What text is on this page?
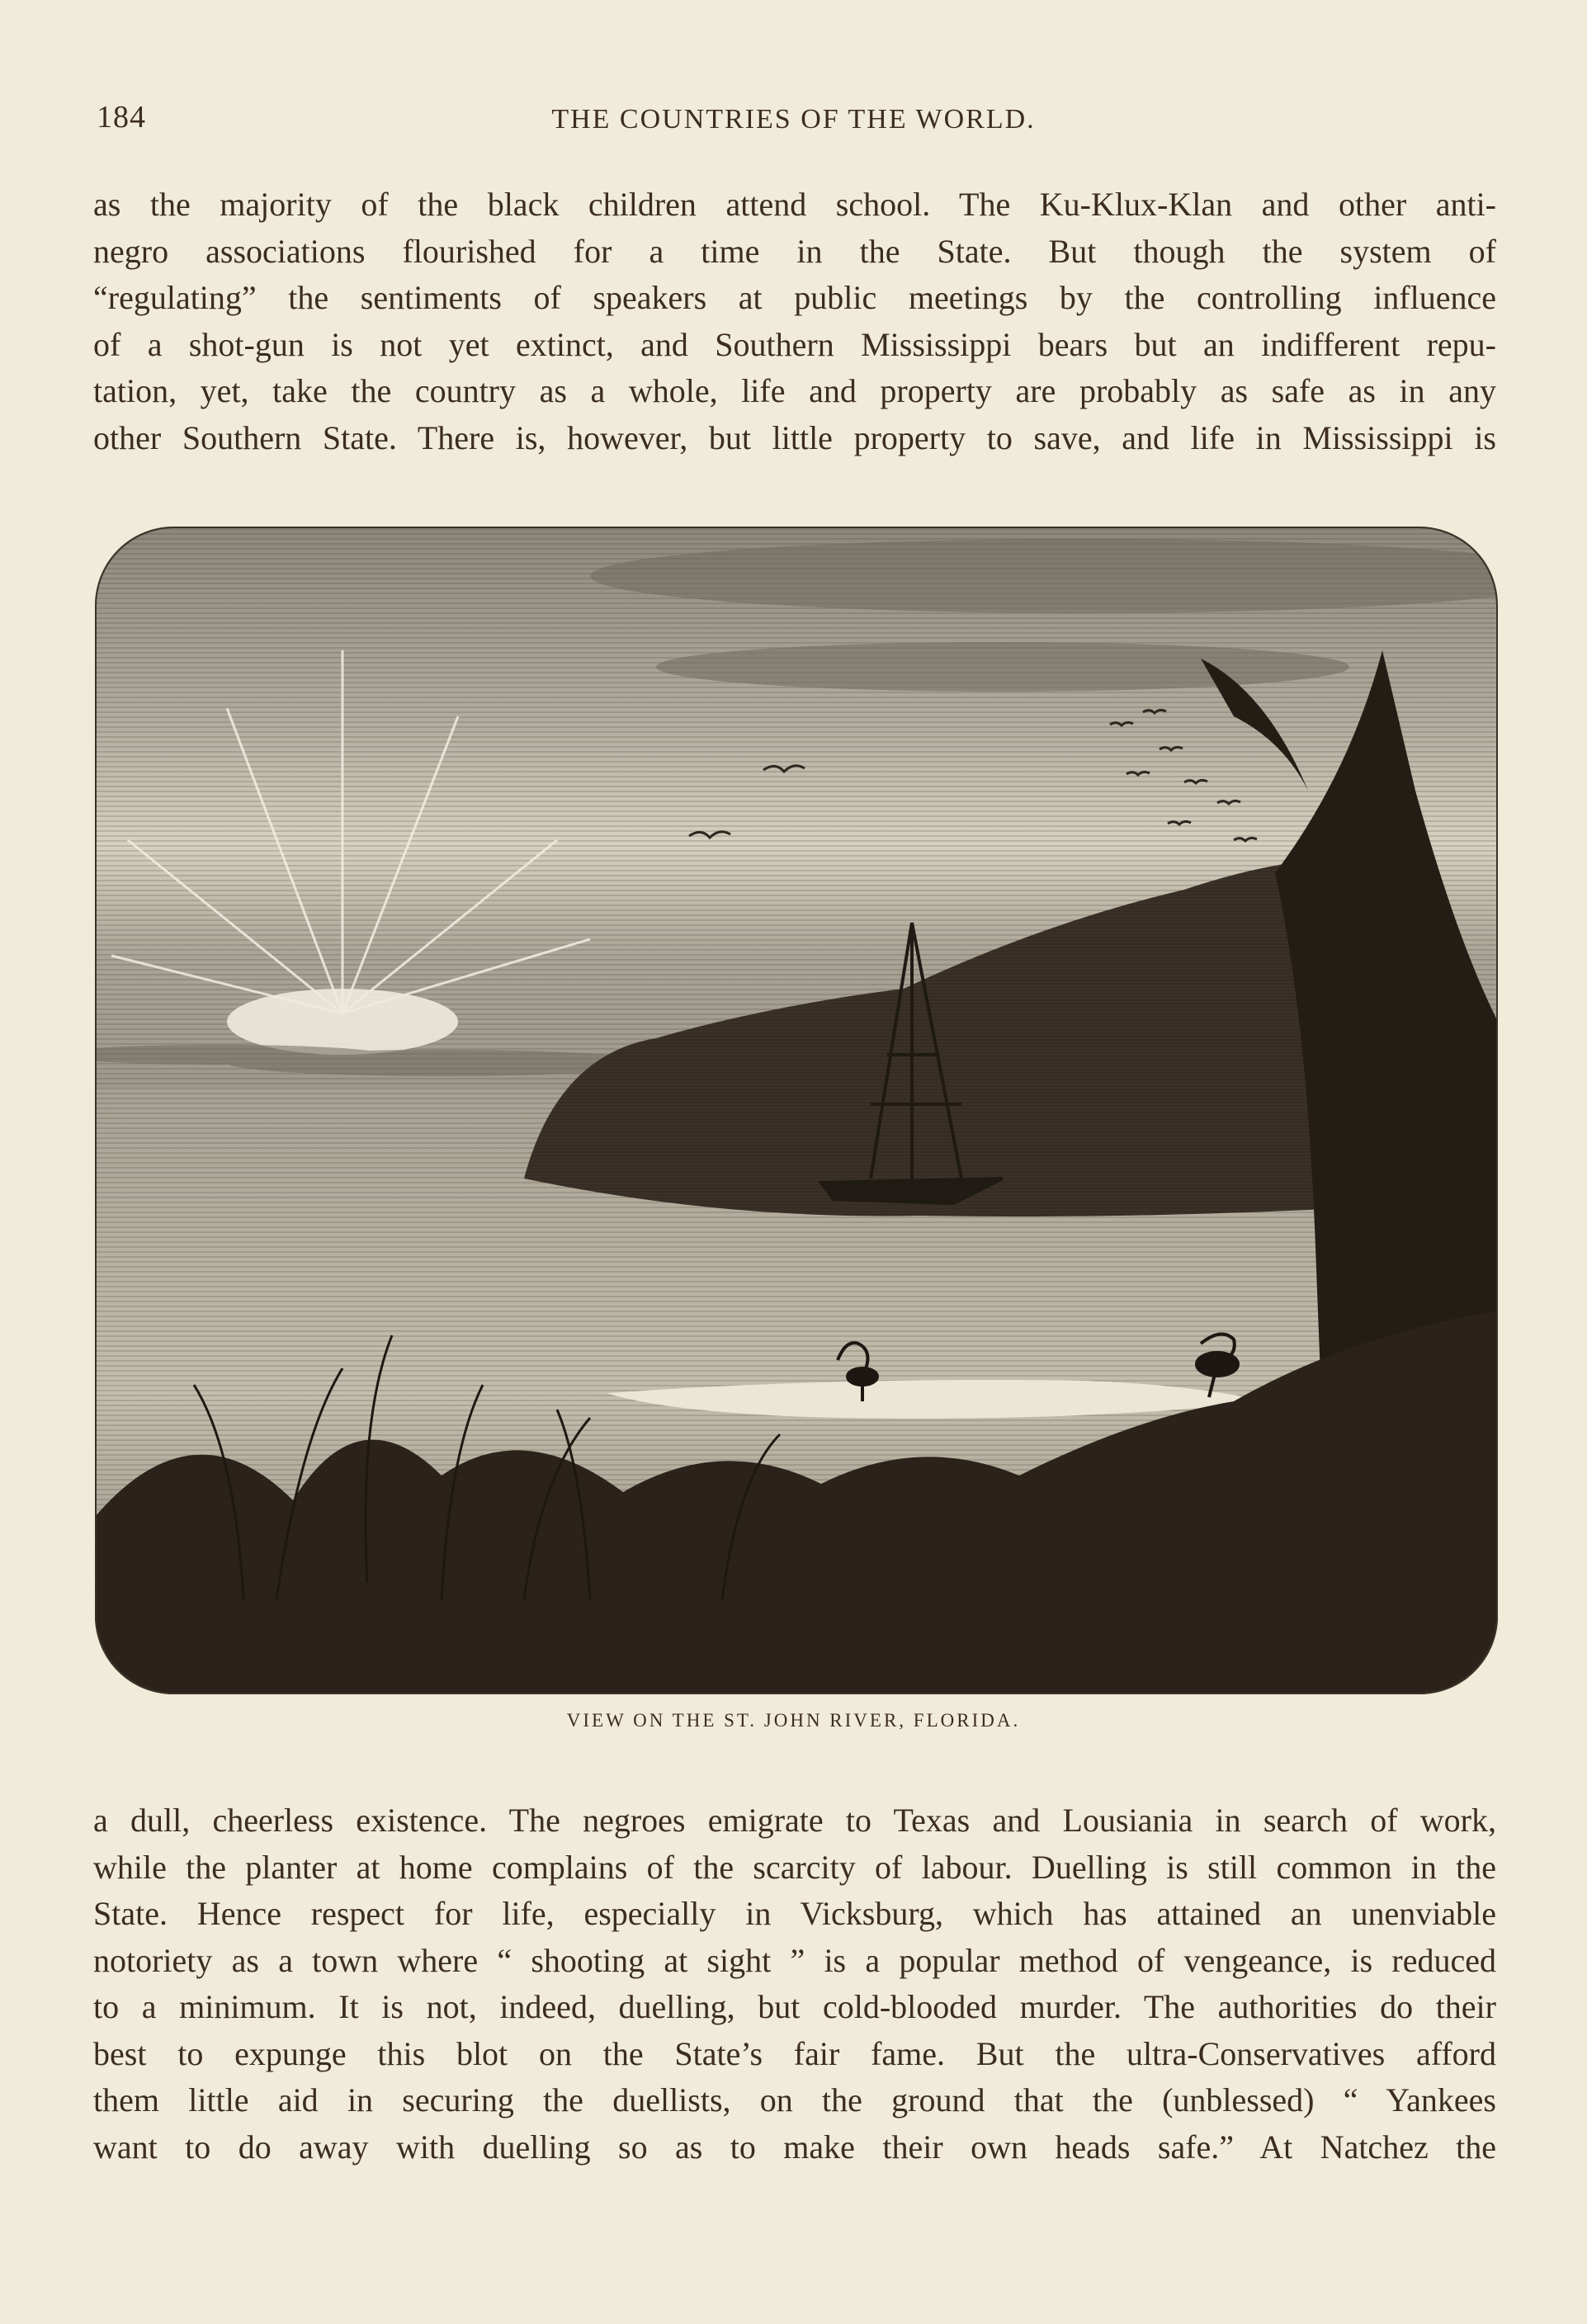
184	THE COUNTRIES OF THE WORLD.
as the majority of the black children attend school. The Ku-Klux-Klan and other anti-
negro associations flourished for a time in the State. But though the system of
“regulating” the sentiments of speakers at public meetings by the controlling influence
of a shot-gun is not yet extinct, and Southern Mississippi bears but an indifferent repu-
tation, yet, take the country as a whole, life and property are probably as safe as in any
other Southern State. There is, however, but little property to save, and life in Mississippi is
VIEW ON THE ST. JOHN RIVER, FLORIDA.
a dull, cheerless existence. The negroes emigrate to Texas and Lousiania in search of work,
while the planter at home complains of the scarcity of labour. Duelling is still common in the
State. Hence respect for life, especially in Vicksburg, which has attained an unenviable
notoriety as a town where “ shooting at sight ” is a popular method of vengeance, is reduced
to a minimum. It is not, indeed, duelling, but cold-blooded murder. The authorities do their
best to expunge this blot on the State’s fair fame. But the ultra-Conservatives afford
them little aid in securing the duellists, on the ground that the (unblessed) “ Yankees
want to do away with duelling so as to make their own heads safe.” At Natchez the
